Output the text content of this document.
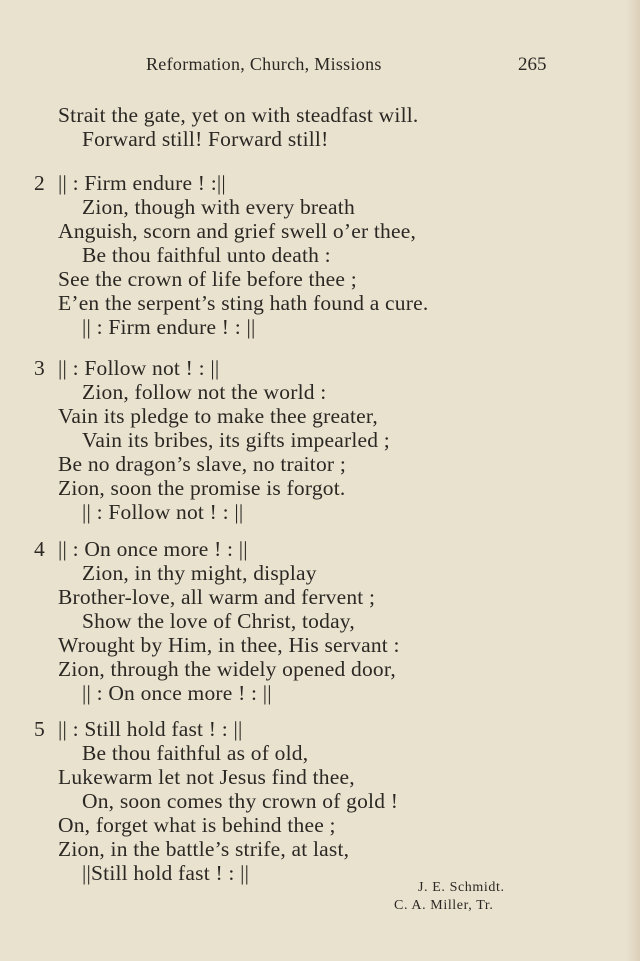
Reformation, Church, Missions	265
Strait the gate, yet on with steadfast will.
Forward still! Forward still!
2 || : Firm endure ! :||
Zion, though with every breath
Anguish, scorn and grief swell o’er thee,
Be thou faithful unto death :
See the crown of life before thee ;
E’en the serpent’s sting hath found a cure.
|| : Firm endure ! : ||
3 || : Follow not ! : ||
Zion, follow not the world :
Vain its pledge to make thee greater,
Vain its bribes, its gifts impearled ;
Be no dragon’s slave, no traitor ;
Zion, soon the promise is forgot.
|| : Follow not ! : ||
4 || : On once more ! : ||
Zion, in thy might, display
Brother-love, all warm and fervent ;
Show the love of Christ, today,
Wrought by Him, in thee, His servant :
Zion, through the widely opened door,
|| : On once more ! : ||
5 || : Still hold fast ! : ||
Be thou faithful as of old,
Lukewarm let not Jesus find thee,
On, soon comes thy crown of gold !
On, forget what is behind thee ;
Zion, in the battle’s strife, at last,
||Still hold fast ! : ||
J. E. Schmidt.
C. A. Miller, Tr.
